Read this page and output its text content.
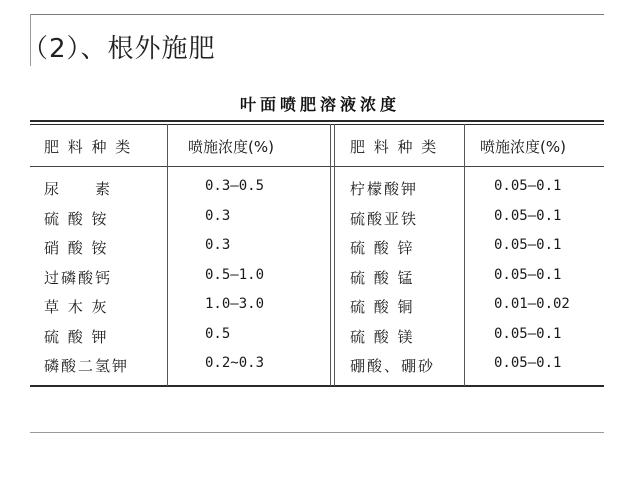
（2）、根外施肥
叶面喷肥溶液浓度
肥 料 种 类	喷施浓度(%)	肥 料 种 类	喷施浓度(%)
尿　　素	0.3—0.5	柠檬酸钾	0.05—0.1
硫 酸 铵	0.3	硫酸亚铁	0.05—0.1
硝 酸 铵	0.3	硫 酸 锌	0.05—0.1
过磷酸钙	0.5—1.0	硫 酸 锰	0.05—0.1
草 木 灰	1.0—3.0	硫 酸 铜	0.01—0.02
硫 酸 钾	0.5	硫 酸 镁	0.05—0.1
磷酸二氢钾	0.2~0.3	硼酸、硼砂	0.05—0.1
